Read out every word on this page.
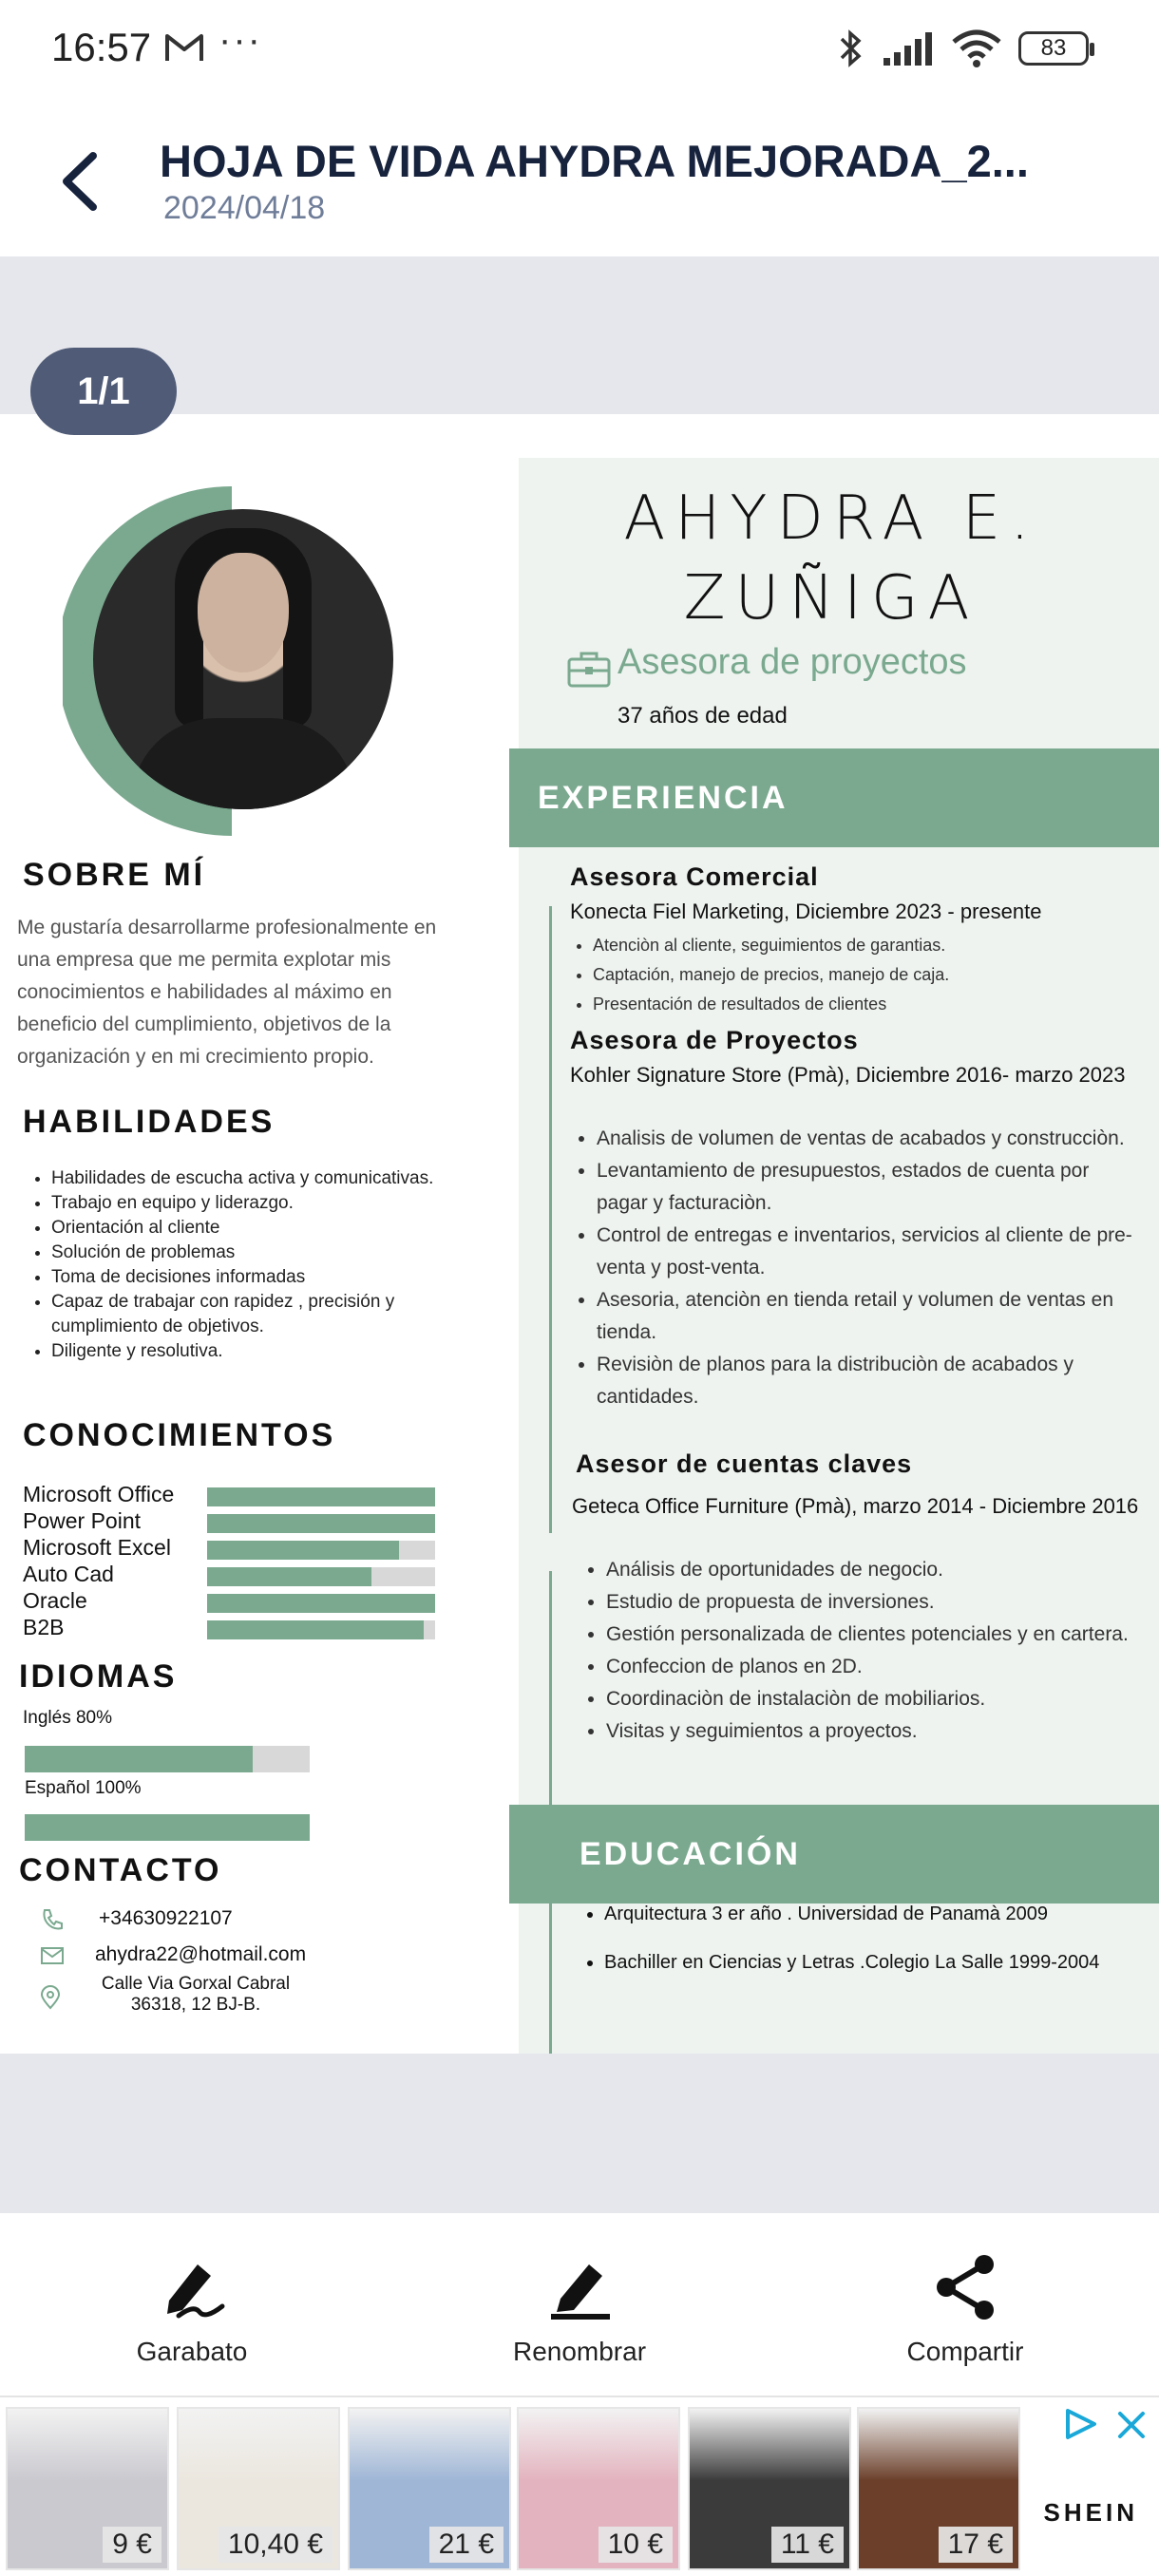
16:57 ···	83
HOJA DE VIDA AHYDRA MEJORADA_2...
2024/04/18
1/1
SOBRE MÍ
Me gustaría desarrollarme profesionalmente en una empresa que me permita explotar mis conocimientos e habilidades al máximo en beneficio del cumplimiento, objetivos de la organización y en mi crecimiento propio.
HABILIDADES
• Habilidades de escucha activa y comunicativas.
• Trabajo en equipo y liderazgo.
• Orientación al cliente
• Solución de problemas
• Toma de decisiones informadas
• Capaz de trabajar con rapidez , precisión y cumplimiento de objetivos.
• Diligente y resolutiva.
CONOCIMIENTOS
Microsoft Office
Power Point
Microsoft Excel
Auto Cad
Oracle
B2B
IDIOMAS
Inglés 80%
Español 100%
CONTACTO
+34630922107
ahydra22@hotmail.com
Calle Via Gorxal Cabral
36318, 12 BJ-B.
AHYDRA E.
ZUÑIGA
Asesora de proyectos
37 años de edad
EXPERIENCIA
Asesora Comercial
Konecta Fiel Marketing, Diciembre 2023 - presente
• Atenciòn al cliente, seguimientos de garantias.
• Captación, manejo de precios, manejo de caja.
• Presentación de resultados de clientes
Asesora de Proyectos
Kohler Signature Store (Pmà), Diciembre 2016- marzo 2023
• Analisis de volumen de ventas de acabados y construcciòn.
• Levantamiento de presupuestos, estados de cuenta por pagar y facturaciòn.
• Control de entregas e inventarios, servicios al cliente de pre-venta y post-venta.
• Asesoria, atenciòn en tienda retail y volumen de ventas en tienda.
• Revisiòn de planos para la distribuciòn de acabados y cantidades.
Asesor de cuentas claves
Geteca Office Furniture (Pmà), marzo 2014 - Diciembre 2016
• Análisis de oportunidades de negocio.
• Estudio de propuesta de inversiones.
• Gestión personalizada de clientes potenciales y en cartera.
• Confeccion de planos en 2D.
• Coordinaciòn de instalaciòn de mobiliarios.
• Visitas y seguimientos a proyectos.
EDUCACIÓN
• Arquitectura 3 er año . Universidad de Panamà 2009
• Bachiller en Ciencias y Letras .Colegio La Salle 1999-2004
Garabato	Renombrar	Compartir
9 €	10,40 €	21 €	10 €	11 €	17 €
SHEIN
